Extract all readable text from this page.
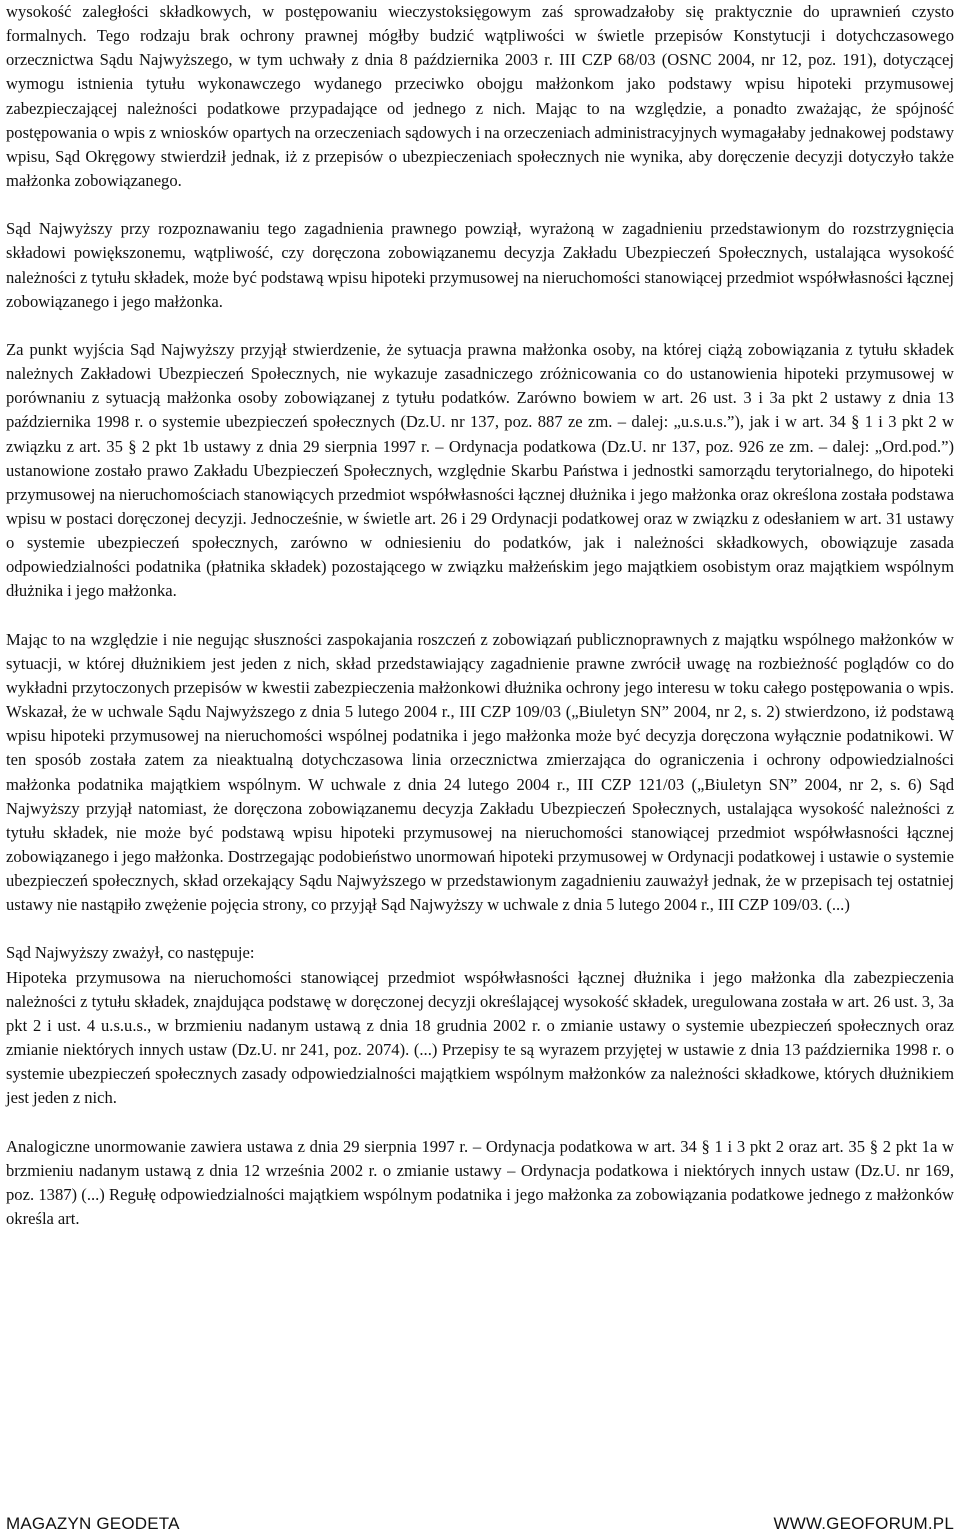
wysokość zaległości składkowych, w postępowaniu wieczystoksięgowym zaś sprowadzałoby się praktycznie do uprawnień czysto formalnych. Tego rodzaju brak ochrony prawnej mógłby budzić wątpliwości w świetle przepisów Konstytucji i dotychczasowego orzecznictwa Sądu Najwyższego, w tym uchwały z dnia 8 października 2003 r. III CZP 68/03 (OSNC 2004, nr 12, poz. 191), dotyczącej wymogu istnienia tytułu wykonawczego wydanego przeciwko obojgu małżonkom jako podstawy wpisu hipoteki przymusowej zabezpieczającej należności podatkowe przypadające od jednego z nich. Mając to na względzie, a ponadto zważając, że spójność postępowania o wpis z wniosków opartych na orzeczeniach sądowych i na orzeczeniach administracyjnych wymagałaby jednakowej podstawy wpisu, Sąd Okręgowy stwierdził jednak, iż z przepisów o ubezpieczeniach społecznych nie wynika, aby doręczenie decyzji dotyczyło także małżonka zobowiązanego.

Sąd Najwyższy przy rozpoznawaniu tego zagadnienia prawnego powziął, wyrażoną w zagadnieniu przedstawionym do rozstrzygnięcia składowi powiększonemu, wątpliwość, czy doręczona zobowiązanemu decyzja Zakładu Ubezpieczeń Społecznych, ustalająca wysokość należności z tytułu składek, może być podstawą wpisu hipoteki przymusowej na nieruchomości stanowiącej przedmiot współwłasności łącznej zobowiązanego i jego małżonka.

Za punkt wyjścia Sąd Najwyższy przyjął stwierdzenie, że sytuacja prawna małżonka osoby, na której ciążą zobowiązania z tytułu składek należnych Zakładowi Ubezpieczeń Społecznych, nie wykazuje zasadniczego zróżnicowania co do ustanowienia hipoteki przymusowej w porównaniu z sytuacją małżonka osoby zobowiązanej z tytułu podatków. Zarówno bowiem w art. 26 ust. 3 i 3a pkt 2 ustawy z dnia 13 października 1998 r. o systemie ubezpieczeń społecznych (Dz.U. nr 137, poz. 887 ze zm. – dalej: „u.s.u.s.”), jak i w art. 34 § 1 i 3 pkt 2 w związku z art. 35 § 2 pkt 1b ustawy z dnia 29 sierpnia 1997 r. – Ordynacja podatkowa (Dz.U. nr 137, poz. 926 ze zm. – dalej: „Ord.pod.”) ustanowione zostało prawo Zakładu Ubezpieczeń Społecznych, względnie Skarbu Państwa i jednostki samorządu terytorialnego, do hipoteki przymusowej na nieruchomościach stanowiących przedmiot współwłasności łącznej dłużnika i jego małżonka oraz określona została podstawa wpisu w postaci doręczonej decyzji. Jednocześnie, w świetle art. 26 i 29 Ordynacji podatkowej oraz w związku z odesłaniem w art. 31 ustawy o systemie ubezpieczeń społecznych, zarówno w odniesieniu do podatków, jak i należności składkowych, obowiązuje zasada odpowiedzialności podatnika (płatnika składek) pozostającego w związku małżeńskim jego majątkiem osobistym oraz majątkiem wspólnym dłużnika i jego małżonka.

Mając to na względzie i nie negując słuszności zaspokajania roszczeń z zobowiązań publicznoprawnych z majątku wspólnego małżonków w sytuacji, w której dłużnikiem jest jeden z nich, skład przedstawiający zagadnienie prawne zwrócił uwagę na rozbieżność poglądów co do wykładni przytoczonych przepisów w kwestii zabezpieczenia małżonkowi dłużnika ochrony jego interesu w toku całego postępowania o wpis. Wskazał, że w uchwale Sądu Najwyższego z dnia 5 lutego 2004 r., III CZP 109/03 („Biuletyn SN” 2004, nr 2, s. 2) stwierdzono, iż podstawą wpisu hipoteki przymusowej na nieruchomości wspólnej podatnika i jego małżonka może być decyzja doręczona wyłącznie podatnikowi. W ten sposób została zatem za nieaktualną dotychczasowa linia orzecznictwa zmierzająca do ograniczenia i ochrony odpowiedzialności małżonka podatnika majątkiem wspólnym. W uchwale z dnia 24 lutego 2004 r., III CZP 121/03 („Biuletyn SN” 2004, nr 2, s. 6) Sąd Najwyższy przyjął natomiast, że doręczona zobowiązanemu decyzja Zakładu Ubezpieczeń Społecznych, ustalająca wysokość należności z tytułu składek, nie może być podstawą wpisu hipoteki przymusowej na nieruchomości stanowiącej przedmiot współwłasności łącznej zobowiązanego i jego małżonka. Dostrzegając podobieństwo unormowań hipoteki przymusowej w Ordynacji podatkowej i ustawie o systemie ubezpieczeń społecznych, skład orzekający Sądu Najwyższego w przedstawionym zagadnieniu zauważył jednak, że w przepisach tej ostatniej ustawy nie nastąpiło zwężenie pojęcia strony, co przyjął Sąd Najwyższy w uchwale z dnia 5 lutego 2004 r., III CZP 109/03. (...)

Sąd Najwyższy zważył, co następuje:

Hipoteka przymusowa na nieruchomości stanowiącej przedmiot współwłasności łącznej dłużnika i jego małżonka dla zabezpieczenia należności z tytułu składek, znajdująca podstawę w doręczonej decyzji określającej wysokość składek, uregulowana została w art. 26 ust. 3, 3a pkt 2 i ust. 4 u.s.u.s., w brzmieniu nadanym ustawą z dnia 18 grudnia 2002 r. o zmianie ustawy o systemie ubezpieczeń społecznych oraz zmianie niektórych innych ustaw (Dz.U. nr 241, poz. 2074). (...) Przepisy te są wyrazem przyjętej w ustawie z dnia 13 października 1998 r. o systemie ubezpieczeń społecznych zasady odpowiedzialności majątkiem wspólnym małżonków za należności składkowe, których dłużnikiem jest jeden z nich.

Analogiczne unormowanie zawiera ustawa z dnia 29 sierpnia 1997 r. – Ordynacja podatkowa w art. 34 § 1 i 3 pkt 2 oraz art. 35 § 2 pkt 1a w brzmieniu nadanym ustawą z dnia 12 września 2002 r. o zmianie ustawy – Ordynacja podatkowa i niektórych innych ustaw (Dz.U. nr 169, poz. 1387) (...) Regułę odpowiedzialności majątkiem wspólnym podatnika i jego małżonka za zobowiązania podatkowe jednego z małżonków określa art.

MAGAZYN GEODETA	WWW.GEOFORUM.PL
